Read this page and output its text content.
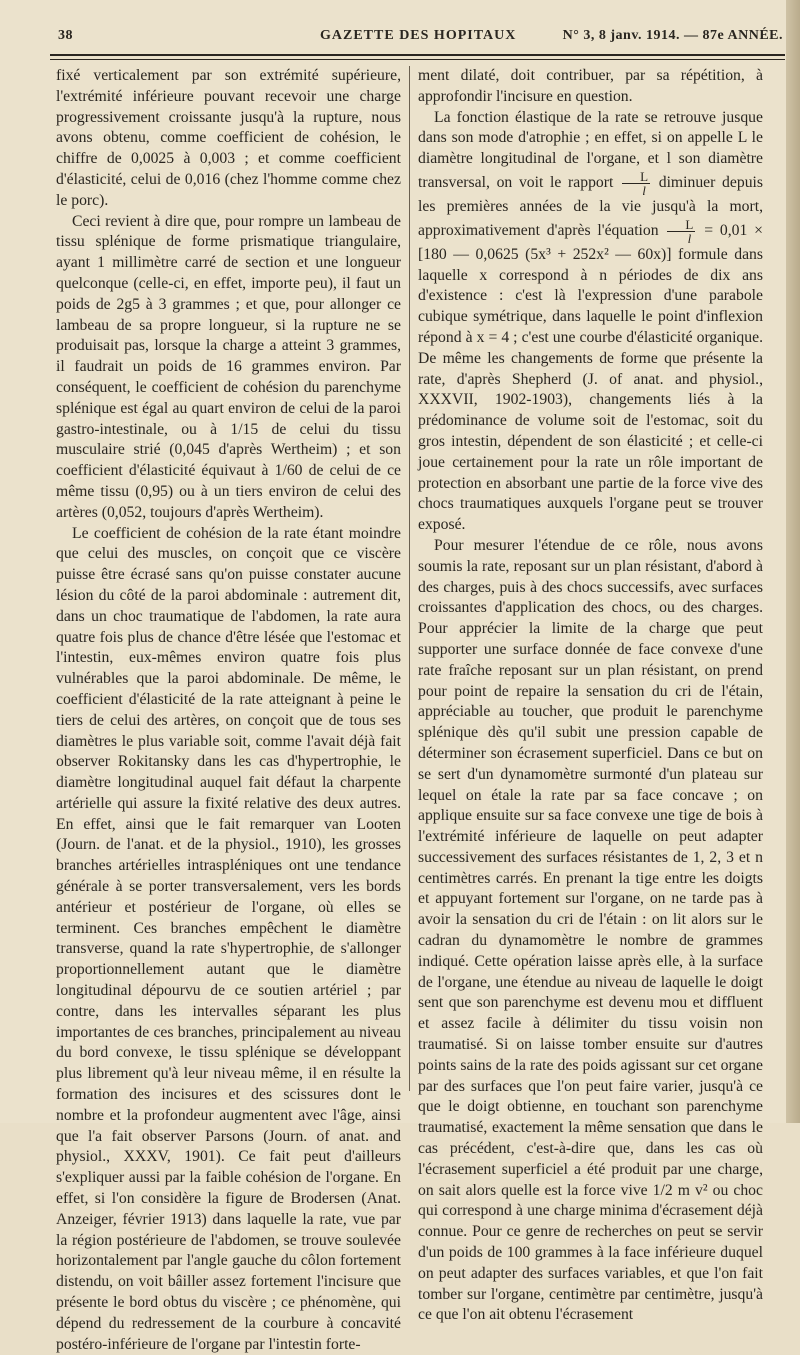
38	GAZETTE DES HOPITAUX	N° 3, 8 janv. 1914. — 87e ANNÉE.

fixé verticalement par son extrémité supérieure, l'extrémité inférieure pouvant recevoir une charge progressivement croissante jusqu'à la rupture, nous avons obtenu, comme coefficient de cohésion, le chiffre de 0,0025 à 0,003 ; et comme coefficient d'élasticité, celui de 0,016 (chez l'homme comme chez le porc).

Ceci revient à dire que, pour rompre un lambeau de tissu splénique de forme prismatique triangulaire, ayant 1 millimètre carré de section et une longueur quelconque (celle-ci, en effet, importe peu), il faut un poids de 2g5 à 3 grammes ; et que, pour allonger ce lambeau de sa propre longueur, si la rupture ne se produisait pas, lorsque la charge a atteint 3 grammes, il faudrait un poids de 16 grammes environ. Par conséquent, le coefficient de cohésion du parenchyme splénique est égal au quart environ de celui de la paroi gastro-intestinale, ou à 1/15 de celui du tissu musculaire strié (0,045 d'après Wertheim) ; et son coefficient d'élasticité équivaut à 1/60 de celui de ce même tissu (0,95) ou à un tiers environ de celui des artères (0,052, toujours d'après Wertheim).

Le coefficient de cohésion de la rate étant moindre que celui des muscles, on conçoit que ce viscère puisse être écrasé sans qu'on puisse constater aucune lésion du côté de la paroi abdominale : autrement dit, dans un choc traumatique de l'abdomen, la rate aura quatre fois plus de chance d'être lésée que l'estomac et l'intestin, eux-mêmes environ quatre fois plus vulnérables que la paroi abdominale. De même, le coefficient d'élasticité de la rate atteignant à peine le tiers de celui des artères, on conçoit que de tous ses diamètres le plus variable soit, comme l'avait déjà fait observer Rokitansky dans les cas d'hypertrophie, le diamètre longitudinal auquel fait défaut la charpente artérielle qui assure la fixité relative des deux autres. En effet, ainsi que le fait remarquer van Looten (Journ. de l'anat. et de la physiol., 1910), les grosses branches artérielles intraspléniques ont une tendance générale à se porter transversalement, vers les bords antérieur et postérieur de l'organe, où elles se terminent. Ces branches empêchent le diamètre transverse, quand la rate s'hypertrophie, de s'allonger proportionnellement autant que le diamètre longitudinal dépourvu de ce soutien artériel ; par contre, dans les intervalles séparant les plus importantes de ces branches, principalement au niveau du bord convexe, le tissu splénique se développant plus librement qu'à leur niveau même, il en résulte la formation des incisures et des scissures dont le nombre et la profondeur augmentent avec l'âge, ainsi que l'a fait observer Parsons (Journ. of anat. and physiol., XXXV, 1901). Ce fait peut d'ailleurs s'expliquer aussi par la faible cohésion de l'organe. En effet, si l'on considère la figure de Brodersen (Anat. Anzeiger, février 1913) dans laquelle la rate, vue par la région postérieure de l'abdomen, se trouve soulevée horizontalement par l'angle gauche du côlon fortement distendu, on voit bâiller assez fortement l'incisure que présente le bord obtus du viscère ; ce phénomène, qui dépend du redressement de la courbure à concavité postéro-inférieure de l'organe par l'intestin forte-

ment dilaté, doit contribuer, par sa répétition, à approfondir l'incisure en question.

La fonction élastique de la rate se retrouve jusque dans son mode d'atrophie ; en effet, si on appelle L le diamètre longitudinal de l'organe, et l son diamètre transversal, on voit le rapport $\frac{L}{l}$ diminuer depuis les premières années de la vie jusqu'à la mort, approximativement d'après l'équation $\frac{L}{l} = 0,01 \times [180$ — 0,0625 (5x³ + 252x² — 60x)] formule dans laquelle x correspond à n périodes de dix ans d'existence : c'est là l'expression d'une parabole cubique symétrique, dans laquelle le point d'inflexion répond à x = 4 ; c'est une courbe d'élasticité organique. De même les changements de forme que présente la rate, d'après Shepherd (J. of anat. and physiol., XXXVII, 1902-1903), changements liés à la prédominance de volume soit de l'estomac, soit du gros intestin, dépendent de son élasticité ; et celle-ci joue certainement pour la rate un rôle important de protection en absorbant une partie de la force vive des chocs traumatiques auxquels l'organe peut se trouver exposé.

Pour mesurer l'étendue de ce rôle, nous avons soumis la rate, reposant sur un plan résistant, d'abord à des charges, puis à des chocs successifs, avec surfaces croissantes d'application des chocs, ou des charges. Pour apprécier la limite de la charge que peut supporter une surface donnée de face convexe d'une rate fraîche reposant sur un plan résistant, on prend pour point de repaire la sensation du cri de l'étain, appréciable au toucher, que produit le parenchyme splénique dès qu'il subit une pression capable de déterminer son écrasement superficiel. Dans ce but on se sert d'un dynamomètre surmonté d'un plateau sur lequel on étale la rate par sa face concave ; on applique ensuite sur sa face convexe une tige de bois à l'extrémité inférieure de laquelle on peut adapter successivement des surfaces résistantes de 1, 2, 3 et n centimètres carrés. En prenant la tige entre les doigts et appuyant fortement sur l'organe, on ne tarde pas à avoir la sensation du cri de l'étain : on lit alors sur le cadran du dynamomètre le nombre de grammes indiqué. Cette opération laisse après elle, à la surface de l'organe, une étendue au niveau de laquelle le doigt sent que son parenchyme est devenu mou et diffluent et assez facile à délimiter du tissu voisin non traumatisé. Si on laisse tomber ensuite sur d'autres points sains de la rate des poids agissant sur cet organe par des surfaces que l'on peut faire varier, jusqu'à ce que le doigt obtienne, en touchant son parenchyme traumatisé, exactement la même sensation que dans le cas précédent, c'est-à-dire que, dans les cas où l'écrasement superficiel a été produit par une charge, on sait alors quelle est la force vive 1/2 m v² ou choc qui correspond à une charge minima d'écrasement déjà connue. Pour ce genre de recherches on peut se servir d'un poids de 100 grammes à la face inférieure duquel on peut adapter des surfaces variables, et que l'on fait tomber sur l'organe, centimètre par centimètre, jusqu'à ce que l'on ait obtenu l'écrasement
